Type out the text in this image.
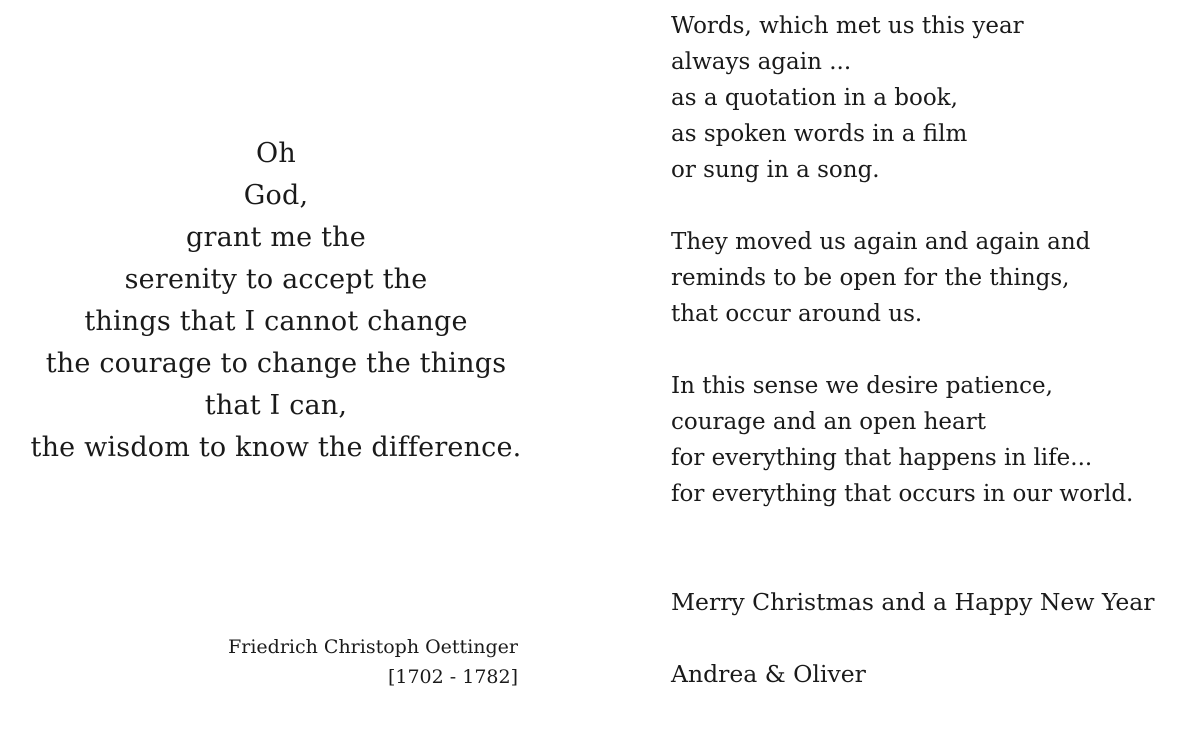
Oh
God,
grant me the
serenity to accept the
things that I cannot change
the courage to change the things
that I can,
the wisdom to know the difference.
Friedrich Christoph Oettinger
[1702 - 1782]
Words, which met us this year
always again ...
as a quotation in a book,
as spoken words in a film
or sung in a song.
They moved us again and again and
reminds to be open for the things,
that occur around us.
In this sense we desire patience,
courage and an open heart
for everything that happens in life...
for everything that occurs in our world.
Merry Christmas and a Happy New Year
Andrea & Oliver
